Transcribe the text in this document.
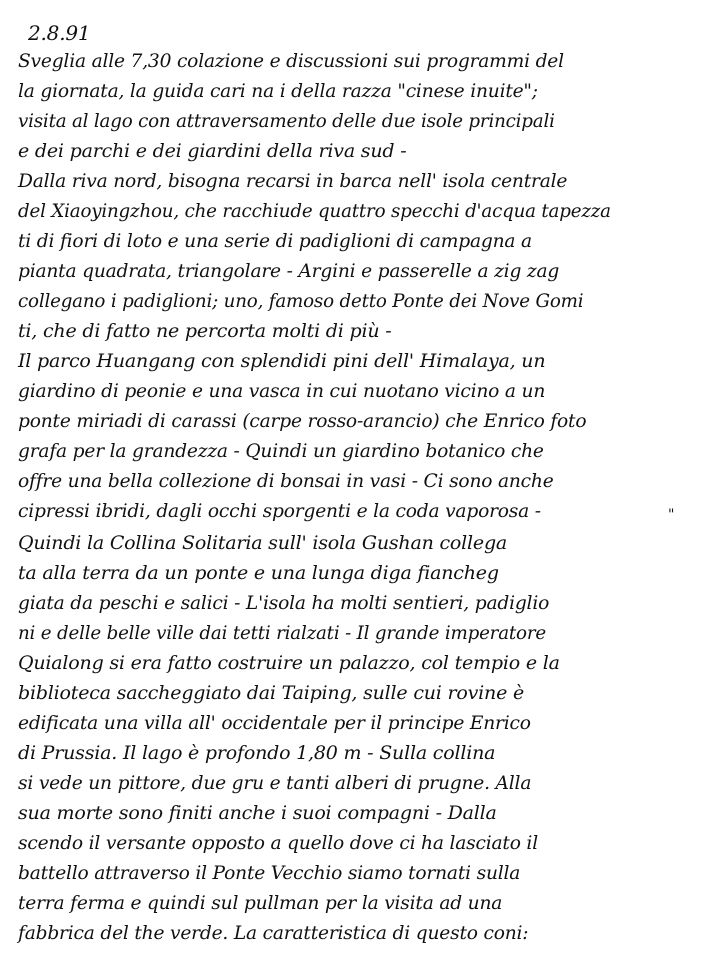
2.8.91
Sveglia alle 7,30 colazione e discussioni sui programmi del
la giornata, la guida cari na i della razza "cinese inuite";
visita al lago con attraversamento delle due isole principali
e dei parchi e dei giardini della riva sud -
Dalla riva nord, bisogna recarsi in barca nell' isola centrale
del Xiaoyingzhou, che racchiude quattro specchi d'acqua tapezza
ti di fiori di loto e una serie di padiglioni di campagna a
pianta quadrata, triangolare - Argini e passerelle a zig zag
collegano i padiglioni; uno, famoso detto Ponte dei Nove Gomi
ti, che di fatto ne percorta molti di più -
Il parco Huangang con splendidi pini dell' Himalaya, un
giardino di peonie e una vasca in cui nuotano vicino a un
ponte miriadi di carassi (carpe rosso-arancio) che Enrico foto
grafa per la grandezza - Quindi un giardino botanico che
offre una bella collezione di bonsai in vasi - Ci sono anche
cipressi ibridi, dagli occhi sporgenti e la coda vaporosa -
Quindi la Collina Solitaria sull' isola Gushan collega
ta alla terra da un ponte e una lunga diga fiancheg
giata da peschi e salici - L'isola ha molti sentieri, padiglio
ni e delle belle ville dai tetti rialzati - Il grande imperatore
Quialong si era fatto costruire un palazzo, col tempio e la
biblioteca saccheggiato dai Taiping, sulle cui rovine è
edificata una villa all' occidentale per il principe Enrico
di Prussia. Il lago è profondo 1,80 m - Sulla collina
si vede un pittore, due gru e tanti alberi di prugne. Alla
sua morte sono finiti anche i suoi compagni - Dalla
scendo il versante opposto a quello dove ci ha lasciato il
battello attraverso il Ponte Vecchio siamo tornati sulla
terra ferma e quindi sul pullman per la visita ad una
fabbrica del the verde. La caratteristica di questo coni:
"
